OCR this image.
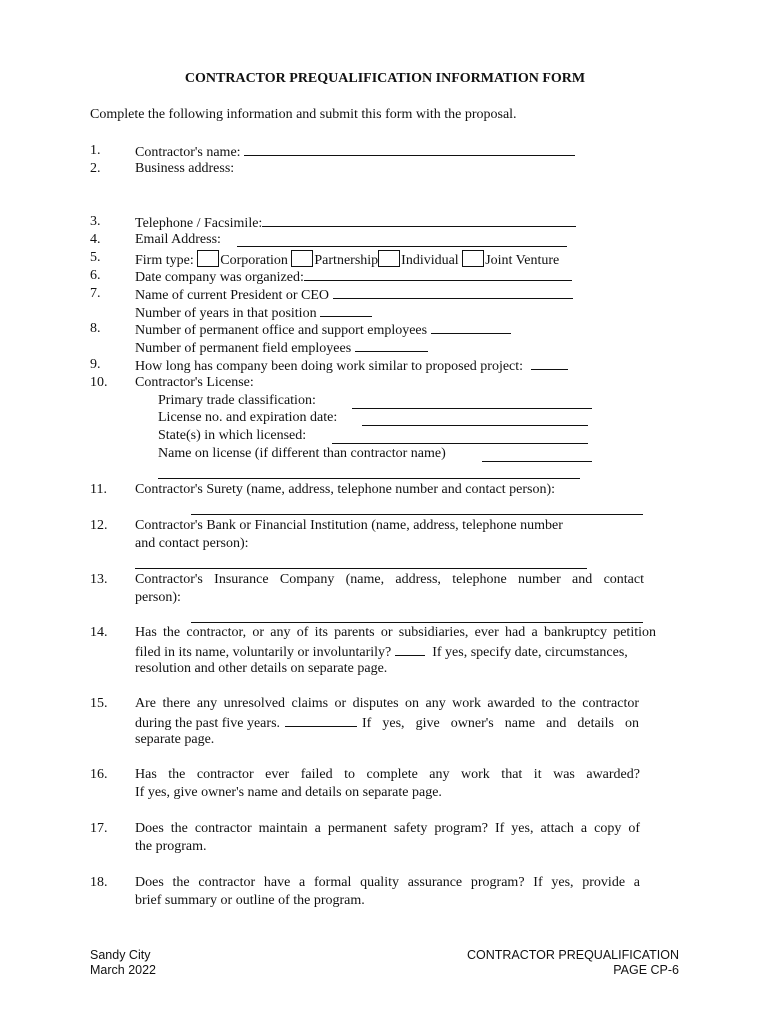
CONTRACTOR PREQUALIFICATION INFORMATION FORM
Complete the following information and submit this form with the proposal.
1. Contractor's name:
2. Business address:
3. Telephone / Facsimile:
4. Email Address:
5. Firm type: Corporation Partnership Individual Joint Venture
6. Date company was organized:
7. Name of current President or CEO
Number of years in that position
8. Number of permanent office and support employees
Number of permanent field employees
9. How long has company been doing work similar to proposed project:
10. Contractor's License:
Primary trade classification:
License no. and expiration date:
State(s) in which licensed:
Name on license (if different than contractor name)
11. Contractor's Surety (name, address, telephone number and contact person):
12. Contractor's Bank or Financial Institution (name, address, telephone number
and contact person):
13. Contractor's Insurance Company (name, address, telephone number and contact
person):
14. Has the contractor, or any of its parents or subsidiaries, ever had a bankruptcy petition
filed in its name, voluntarily or involuntarily?	If yes, specify date, circumstances,
resolution and other details on separate page.
15. Are there any unresolved claims or disputes on any work awarded to the contractor
during the past five years.	If yes, give owner's name and details on
separate page.
16. Has the contractor ever failed to complete any work that it was awarded?
If yes, give owner's name and details on separate page.
17. Does the contractor maintain a permanent safety program? If yes, attach a copy of
the program.
18. Does the contractor have a formal quality assurance program? If yes, provide a
brief summary or outline of the program.
Sandy City
March 2022
CONTRACTOR PREQUALIFICATION
PAGE CP-6
